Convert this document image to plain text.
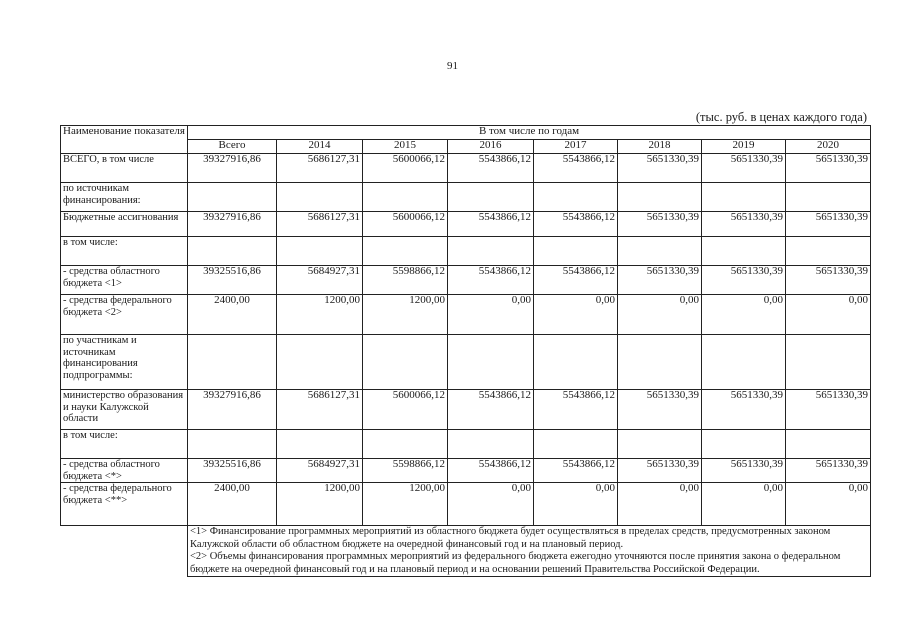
91
(тыс. руб. в ценах каждого года)
Наименование показателя	В том числе по годам							
	Всего	2014	2015	2016	2017	2018	2019	2020
ВСЕГО, в том числе	39327916,86	5686127,31	5600066,12	5543866,12	5543866,12	5651330,39	5651330,39	5651330,39
по источникам финансирования:								
Бюджетные ассигнования	39327916,86	5686127,31	5600066,12	5543866,12	5543866,12	5651330,39	5651330,39	5651330,39
в том числе:								
- средства областного бюджета <1>	39325516,86	5684927,31	5598866,12	5543866,12	5543866,12	5651330,39	5651330,39	5651330,39
- средства федерального бюджета <2>	2400,00	1200,00	1200,00	0,00	0,00	0,00	0,00	0,00
по участникам и источникам финансирования подпрограммы:								
министерство образования и науки Калужской области	39327916,86	5686127,31	5600066,12	5543866,12	5543866,12	5651330,39	5651330,39	5651330,39
в том числе:								
- средства областного бюджета <*>	39325516,86	5684927,31	5598866,12	5543866,12	5543866,12	5651330,39	5651330,39	5651330,39
- средства федерального бюджета <**>	2400,00	1200,00	1200,00	0,00	0,00	0,00	0,00	0,00

	<1> Финансирование программных мероприятий из областного бюджета будет осуществляться в пределах средств, предусмотренных законом Калужской области об областном бюджете на очередной финансовый год и на плановый период.
<2> Объемы финансирования программных мероприятий из федерального бюджета ежегодно уточняются после принятия закона о федеральном бюджете на очередной финансовый год и на плановый период и на основании решений Правительства Российской Федерации.							
